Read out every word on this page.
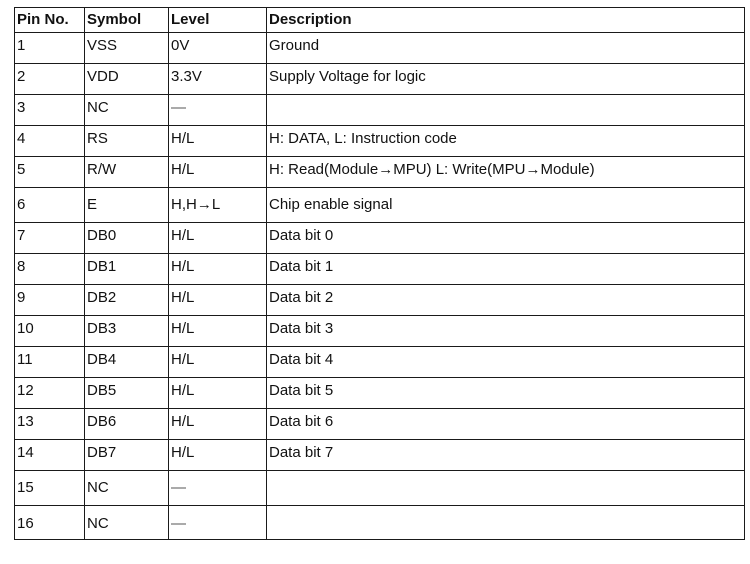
Pin No.	Symbol	Level	Description
1	VSS	0V	Ground
2	VDD	3.3V	Supply Voltage for logic
3	NC	—	
4	RS	H/L	H: DATA, L: Instruction code
5	R/W	H/L	H: Read(Module→MPU) L: Write(MPU→Module)
6	E	H,H→L	Chip enable signal
7	DB0	H/L	Data bit 0
8	DB1	H/L	Data bit 1
9	DB2	H/L	Data bit 2
10	DB3	H/L	Data bit 3
11	DB4	H/L	Data bit 4
12	DB5	H/L	Data bit 5
13	DB6	H/L	Data bit 6
14	DB7	H/L	Data bit 7
15	NC	—	
16	NC	—	
